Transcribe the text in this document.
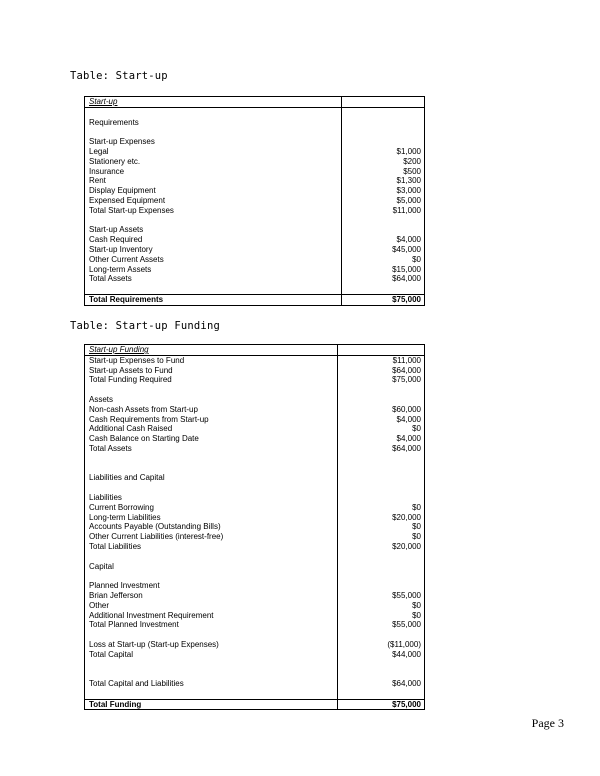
Table: Start-up
Start-up
Requirements
Start-up Expenses
Legal	$1,000
Stationery etc.	$200
Insurance	$500
Rent	$1,300
Display Equipment	$3,000
Expensed Equipment	$5,000
Total Start-up Expenses	$11,000
Start-up Assets
Cash Required	$4,000
Start-up Inventory	$45,000
Other Current Assets	$0
Long-term Assets	$15,000
Total Assets	$64,000
Total Requirements	$75,000
Table: Start-up Funding
Start-up Funding
Start-up Expenses to Fund	$11,000
Start-up Assets to Fund	$64,000
Total Funding Required	$75,000
Assets
Non-cash Assets from Start-up	$60,000
Cash Requirements from Start-up	$4,000
Additional Cash Raised	$0
Cash Balance on Starting Date	$4,000
Total Assets	$64,000
Liabilities and Capital
Liabilities
Current Borrowing	$0
Long-term Liabilities	$20,000
Accounts Payable (Outstanding Bills)	$0
Other Current Liabilities (interest-free)	$0
Total Liabilities	$20,000
Capital
Planned Investment
Brian Jefferson	$55,000
Other	$0
Additional Investment Requirement	$0
Total Planned Investment	$55,000
Loss at Start-up (Start-up Expenses)	($11,000)
Total Capital	$44,000
Total Capital and Liabilities	$64,000
Total Funding	$75,000
Page 3
